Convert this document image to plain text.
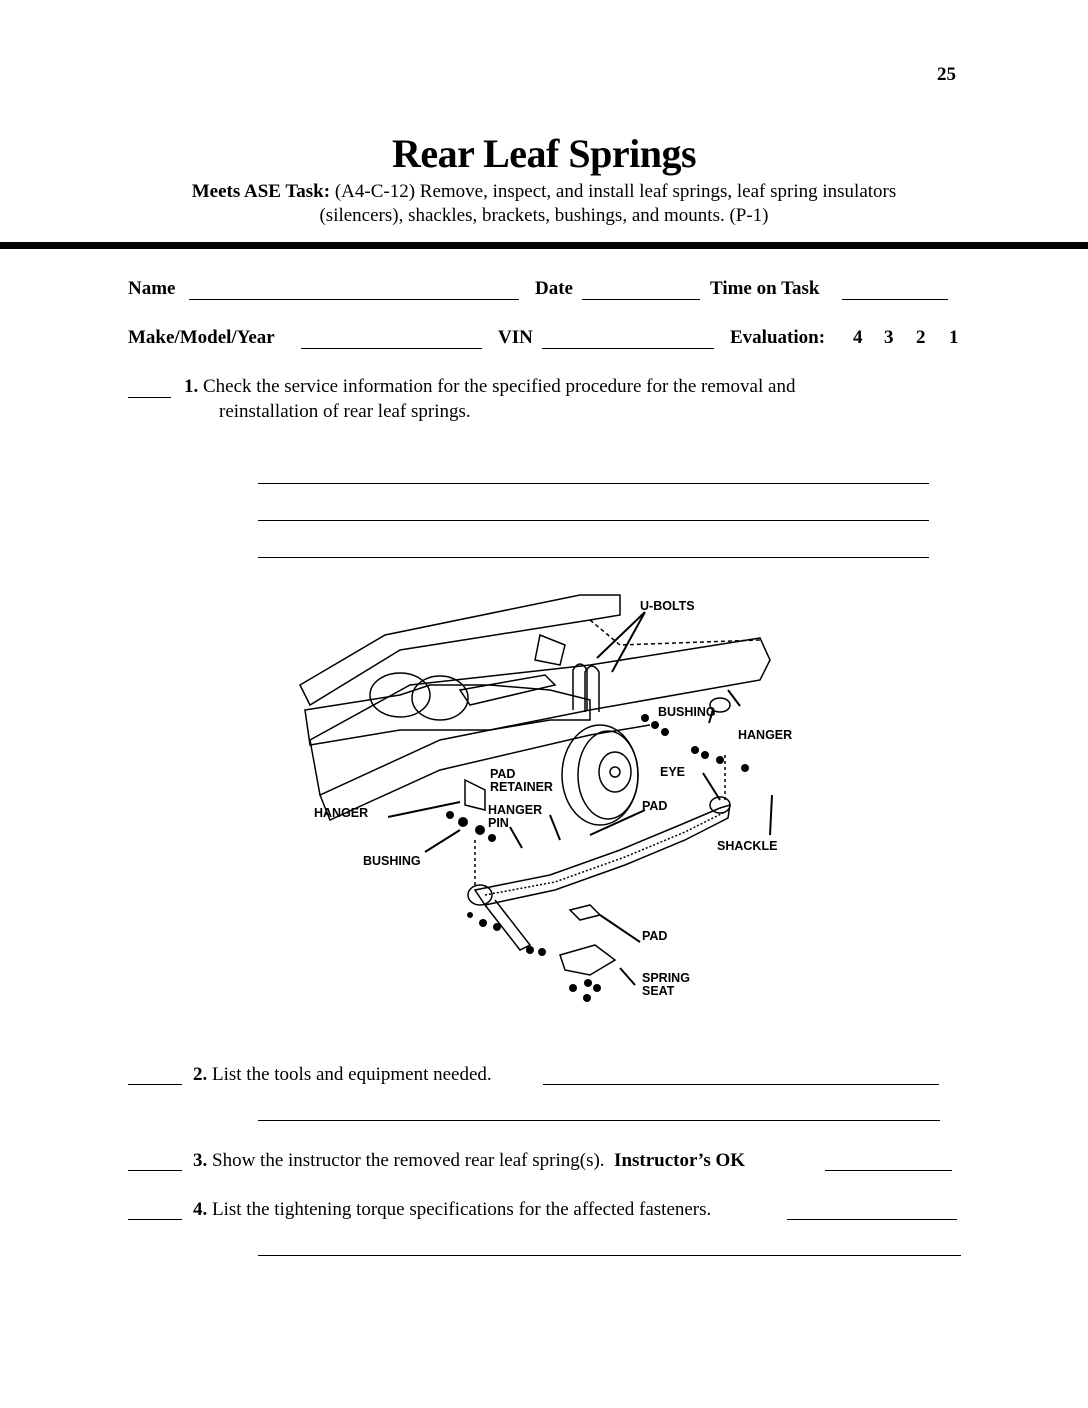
25
Rear Leaf Springs
Meets ASE Task: (A4-C-12) Remove, inspect, and install leaf springs, leaf spring insulators
(silencers), shackles, brackets, bushings, and mounts. (P-1)
Name	Date	Time on Task
Make/Model/Year	VIN	Evaluation: 4 3 2 1
1. Check the service information for the specified procedure for the removal and
reinstallation of rear leaf springs.
U-BOLTS
BUSHING
HANGER
EYE
PAD
RETAINER
HANGER	HANGER
PIN
PAD
SHACKLE
BUSHING
PAD
SPRING
SEAT
2. List the tools and equipment needed.
3. Show the instructor the removed rear leaf spring(s). Instructor’s OK
4. List the tightening torque specifications for the affected fasteners.
